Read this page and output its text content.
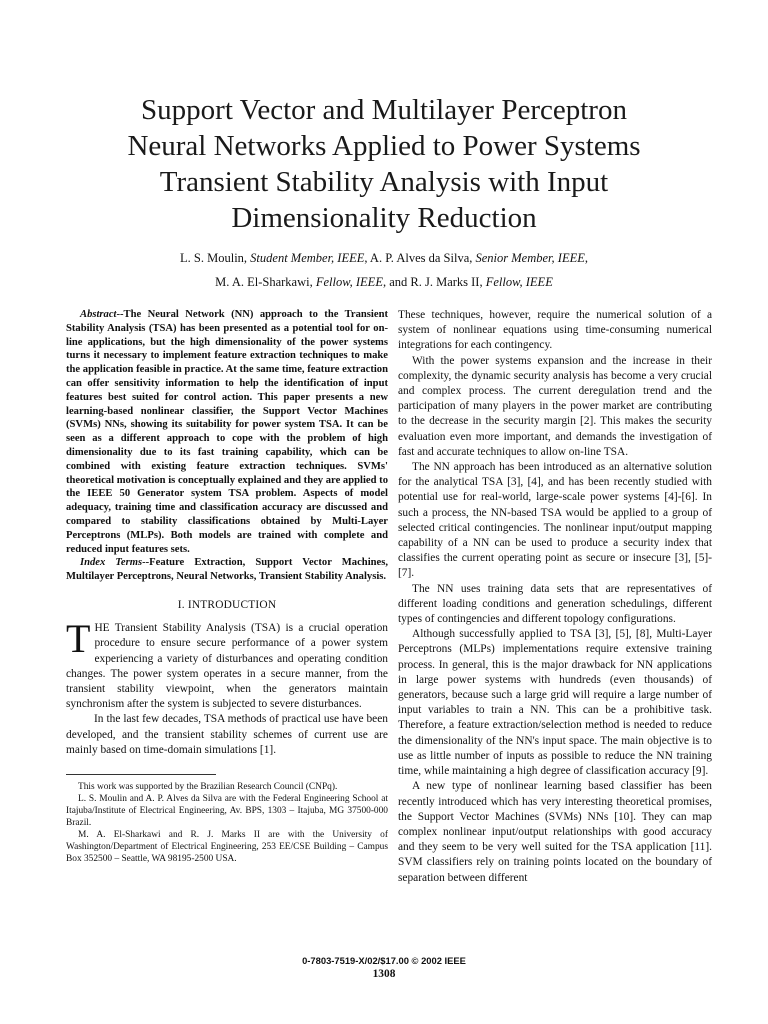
Support Vector and Multilayer Perceptron
Neural Networks Applied to Power Systems
Transient Stability Analysis with Input
Dimensionality Reduction
L. S. Moulin, Student Member, IEEE, A. P. Alves da Silva, Senior Member, IEEE,
M. A. El-Sharkawi, Fellow, IEEE, and R. J. Marks II, Fellow, IEEE

Abstract--The Neural Network (NN) approach to the Transient Stability Analysis (TSA) has been presented as a potential tool for on-line applications, but the high dimensionality of the power systems turns it necessary to implement feature extraction techniques to make the application feasible in practice. At the same time, feature extraction can offer sensitivity information to help the identification of input features best suited for control action. This paper presents a new learning-based nonlinear classifier, the Support Vector Machines (SVMs) NNs, showing its suitability for power system TSA. It can be seen as a different approach to cope with the problem of high dimensionality due to its fast training capability, which can be combined with existing feature extraction techniques. SVMs' theoretical motivation is conceptually explained and they are applied to the IEEE 50 Generator system TSA problem. Aspects of model adequacy, training time and classification accuracy are discussed and compared to stability classifications obtained by Multi-Layer Perceptrons (MLPs). Both models are trained with complete and reduced input features sets.

Index Terms--Feature Extraction, Support Vector Machines, Multilayer Perceptrons, Neural Networks, Transient Stability Analysis.

I. INTRODUCTION

THE Transient Stability Analysis (TSA) is a crucial operation procedure to ensure secure performance of a power system experiencing a variety of disturbances and operating condition changes. The power system operates in a secure manner, from the transient stability viewpoint, when the generators maintain synchronism after the system is subjected to severe disturbances.

In the last few decades, TSA methods of practical use have been developed, and the transient stability schemes of current use are mainly based on time-domain simulations [1].

This work was supported by the Brazilian Research Council (CNPq).

L. S. Moulin and A. P. Alves da Silva are with the Federal Engineering School at Itajuba/Institute of Electrical Engineering, Av. BPS, 1303 – Itajuba, MG 37500-000 Brazil.

M. A. El-Sharkawi and R. J. Marks II are with the University of Washington/Department of Electrical Engineering, 253 EE/CSE Building – Campus Box 352500 – Seattle, WA 98195-2500 USA.

These techniques, however, require the numerical solution of a system of nonlinear equations using time-consuming numerical integrations for each contingency.

With the power systems expansion and the increase in their complexity, the dynamic security analysis has become a very crucial and complex process. The current deregulation trend and the participation of many players in the power market are contributing to the decrease in the security margin [2]. This makes the security evaluation even more important, and demands the investigation of fast and accurate techniques to allow on-line TSA.

The NN approach has been introduced as an alternative solution for the analytical TSA [3], [4], and has been recently studied with potential use for real-world, large-scale power systems [4]-[6]. In such a process, the NN-based TSA would be applied to a group of selected critical contingencies. The nonlinear input/output mapping capability of a NN can be used to produce a security index that classifies the current operating point as secure or insecure [3], [5]-[7].

The NN uses training data sets that are representatives of different loading conditions and generation schedulings, different types of contingencies and different topology configurations.

Although successfully applied to TSA [3], [5], [8], Multi-Layer Perceptrons (MLPs) implementations require extensive training process. In general, this is the major drawback for NN applications in large power systems with hundreds (even thousands) of generators, because such a large grid will require a large number of input variables to train a NN. This can be a prohibitive task. Therefore, a feature extraction/selection method is needed to reduce the dimensionality of the NN's input space. The main objective is to use as little number of inputs as possible to reduce the NN training time, while maintaining a high degree of classification accuracy [9].

A new type of nonlinear learning based classifier has been recently introduced which has very interesting theoretical promises, the Support Vector Machines (SVMs) NNs [10]. They can map complex nonlinear input/output relationships with good accuracy and they seem to be very well suited for the TSA application [11]. SVM classifiers rely on training points located on the boundary of separation between different

0-7803-7519-X/02/$17.00 © 2002 IEEE
1308
